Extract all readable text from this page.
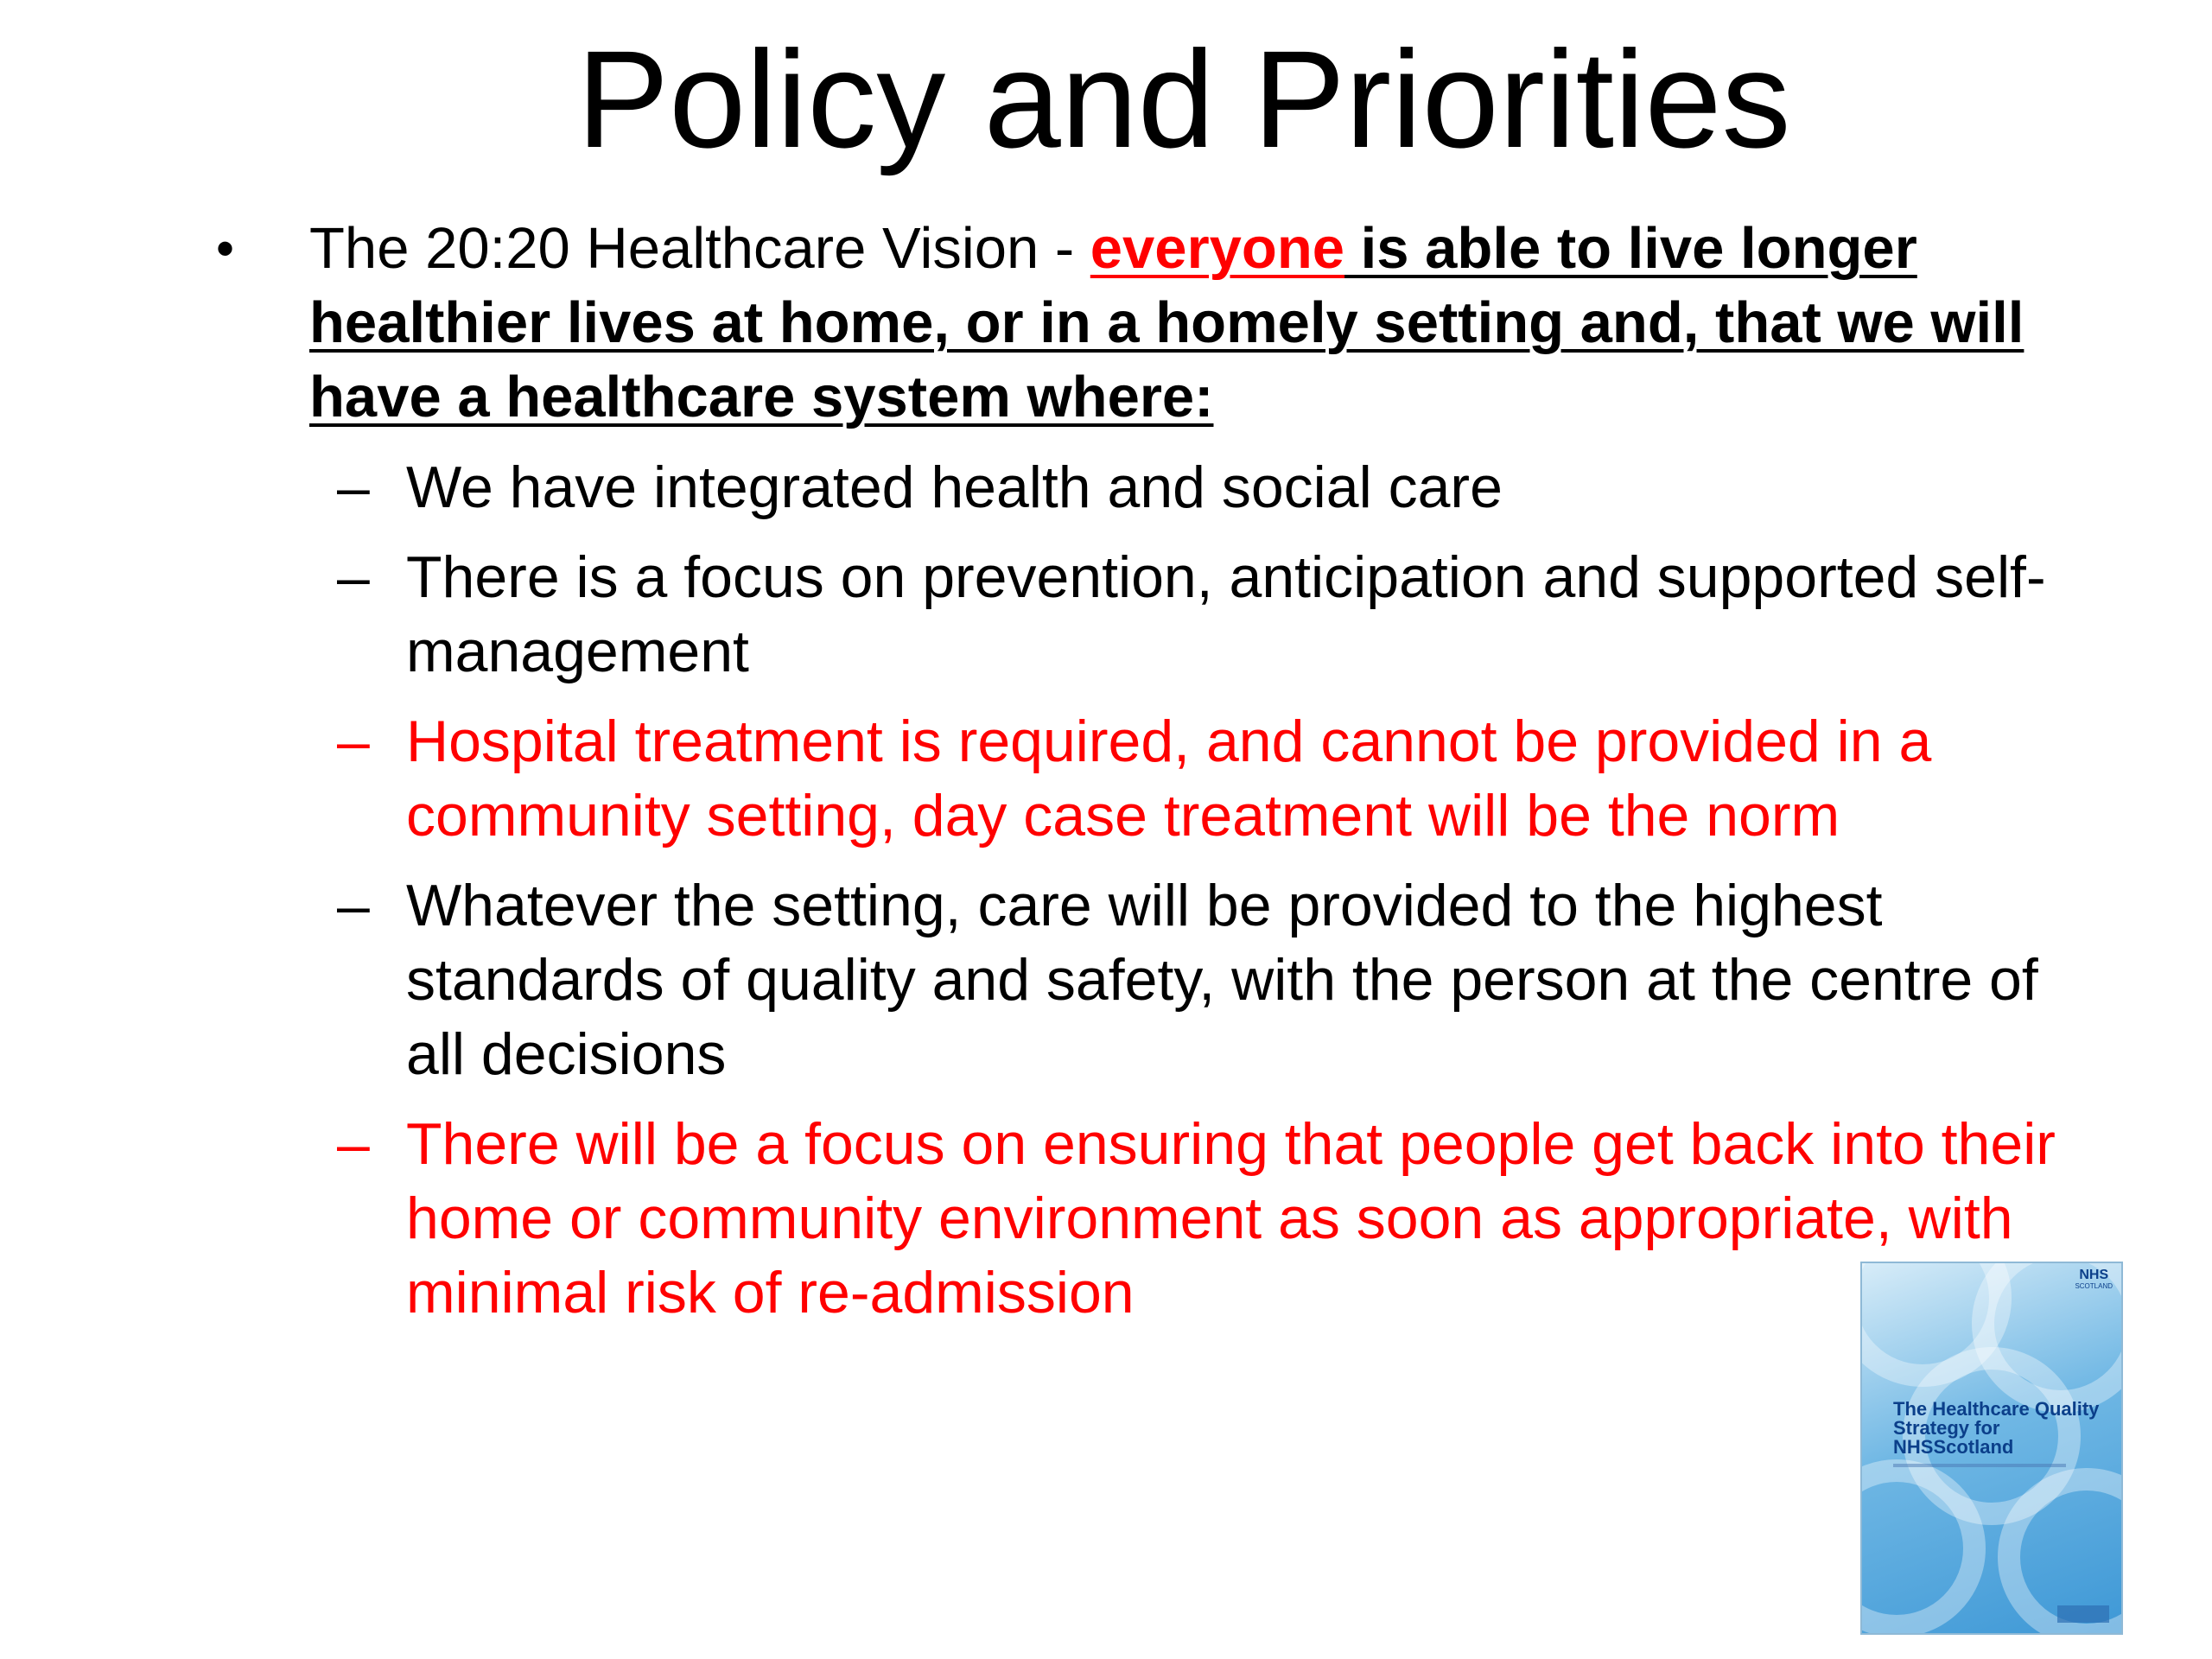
Policy and Priorities
• The 20:20 Healthcare Vision - everyone is able to live longer healthier lives at home, or in a homely setting and, that we will have a healthcare system where:
– We have integrated health and social care
– There is a focus on prevention, anticipation and supported self-management
– Hospital treatment is required, and cannot be provided in a community setting, day case treatment will be the norm
– Whatever the setting, care will be provided to the highest standards of quality and safety, with the person at the centre of all decisions
– There will be a focus on ensuring that people get back into their home or community environment as soon as appropriate, with minimal risk of re-admission	NHS
SCOTLAND
The Healthcare Quality Strategy for NHSScotland
